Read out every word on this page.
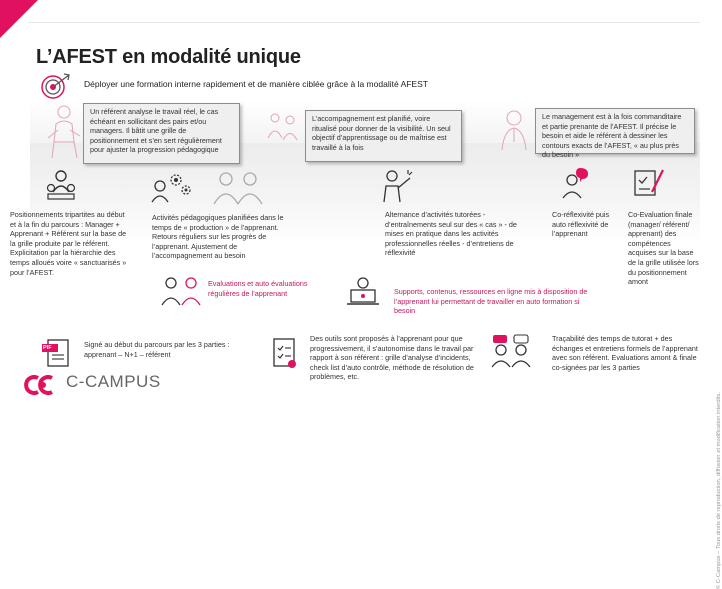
L’AFEST en modalité unique
Déployer une formation interne rapidement et de manière ciblée grâce à la modalité AFEST
Un référent analyse le travail réel, le cas échéant en sollicitant des pairs et/ou managers. Il bâtit une grille de positionnement et s’en sert régulièrement pour ajuster la progression pédagogique
L’accompagnement est planifié, voire ritualisé pour donner de la visibilité. Un seul objectif d’apprentissage ou de maîtrise est travaillé à la fois
Le management est à la fois commanditaire et partie prenante de l’AFEST. Il précise le besoin et aide le référent à dessiner les contours exacts de l’AFEST, « au plus près du besoin »
Positionnements tripartites au début et à la fin du parcours : Manager + Apprenant + Référent sur la base de la grille produite par le référent. Explicitation par la hiérarchie des temps alloués voire « sanctuarisés » pour l’AFEST.
Activités pédagogiques planifiées dans le temps de « production » de l’apprenant. Retours réguliers sur les progrès de l’apprenant. Ajustement de l’accompagnement au besoin
Alternance d’activités tutorées - d’entraînements seul sur des « cas » - de mises en pratique dans les activités professionnelles réelles - d’entretiens de réflexivité
Co-réflexivité puis auto réflexivité de l’apprenant
Co-Evaluation finale (manager/ référent/ apprenant) des compétences acquises sur la base de la grille utilisée lors du positionnement amont
Evaluations et auto évaluations régulières de l’apprenant	Supports, contenus, ressources en ligne mis à disposition de l’apprenant lui permettant de travailler en auto formation si besoin
PIF	Signé au début du parcours par les 3 parties : apprenant – N+1 – référent
Des outils sont proposés à l’apprenant pour que progressivement, il s’autonomise dans le travail par rapport à son référent : grille d’analyse d’incidents, check list d’auto contrôle, méthode de résolution de problèmes, etc.
Traçabilité des temps de tutorat + des échanges et entretiens formels de l’apprenant avec son référent. Evaluations amont & finale co-signées par les 3 parties
C-CAMPUS
© C-Campus – Tous droits de reproduction, diffusion et modification interdits.
